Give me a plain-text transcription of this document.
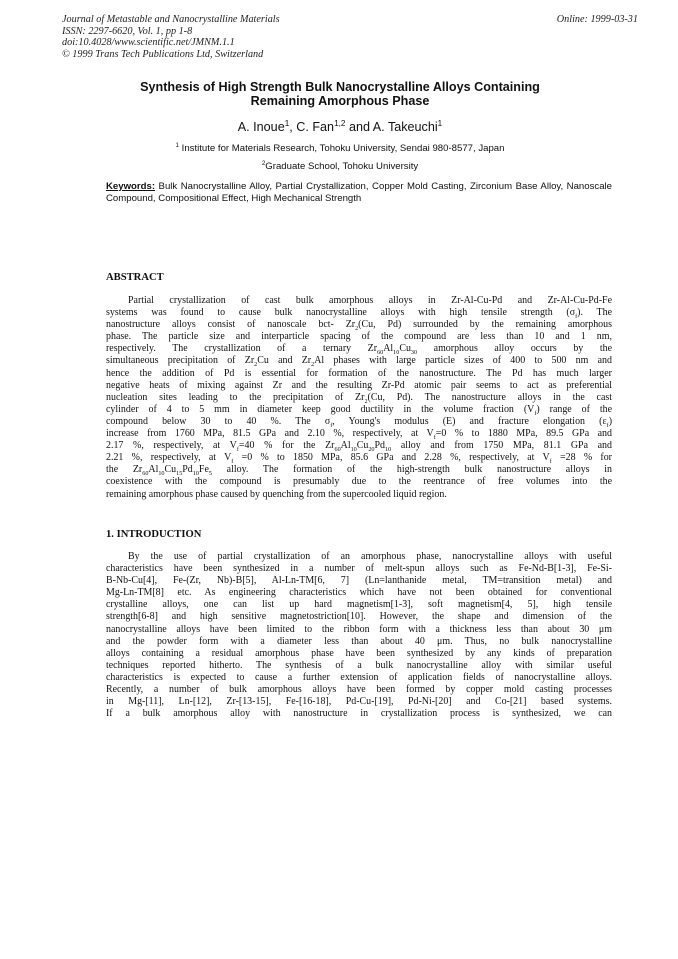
Journal of Metastable and Nanocrystalline Materials
ISSN: 2297-6620, Vol. 1, pp 1-8
doi:10.4028/www.scientific.net/JMNM.1.1
© 1999 Trans Tech Publications Ltd, Switzerland
Online: 1999-03-31
Synthesis of High Strength Bulk Nanocrystalline Alloys Containing
Remaining Amorphous Phase
A. Inoue$^1$, C. Fan$^{1,2}$ and A. Takeuchi$^1$
$^1$ Institute for Materials Research, Tohoku University, Sendai 980-8577, Japan
$^2$Graduate School, Tohoku University
Keywords: Bulk Nanocrystalline Alloy, Partial Crystallization, Copper Mold Casting, Zirconium Base Alloy, Nanoscale Compound, Compositional Effect, High Mechanical Strength
ABSTRACT
Partial crystallization of cast bulk amorphous alloys in Zr-Al-Cu-Pd and Zr-Al-Cu-Pd-Fe
systems was found to cause bulk nanocrystalline alloys with high tensile strength $(\sigma_f)$. The
nanostructure alloys consist of nanoscale bct- $Zr_2(Cu$, Pd) surrounded by the remaining amorphous
phase. The particle size and interparticle spacing of the compound are less than 10 and 1 nm,
respectively. The crystallization of a ternary $Zr_{60}Al_{10}Cu_{30}$ amorphous alloy occurs by the
simultaneous precipitation of $Zr_2Cu$ and $Zr_2Al$ phases with large particle sizes of 400 to 500 nm and
hence the addition of Pd is essential for formation of the nanostructure. The Pd has much larger
negative heats of mixing against Zr and the resulting Zr-Pd atomic pair seems to act as preferential
nucleation sites leading to the precipitation of $Zr_2(Cu$, Pd). The nanostructure alloys in the cast
cylinder of 4 to 5 mm in diameter keep good ductility in the volume fraction $(V_f)$ range of the
compound below 30 to 40 %. The $\sigma_f$, Young's modulus (E) and fracture elongation $(\varepsilon_f)$
increase from 1760 MPa, 81.5 GPa and 2.10 %, respectively, at $V_f=0$ % to 1880 MPa, 89.5 GPa and
2.17 %, respectively, at $V_f=40$ % for the $Zr_{60}Al_{10}Cu_{20}Pd_{10}$ alloy and from 1750 MPa, 81.1 GPa and
2.21 %, respectively, at $V_f =0$ % to 1850 MPa, 85.6 GPa and 2.28 %, respectively, at $V_f =28$ % for
the $Zr_{60}Al_{10}Cu_{15}Pd_{10}Fe_5$ alloy. The formation of the high-strength bulk nanostructure alloys in
coexistence with the compound is presumably due to the reentrance of free volumes into the
remaining amorphous phase caused by quenching from the supercooled liquid region.
1. INTRODUCTION
By the use of partial crystallization of an amorphous phase, nanocrystalline alloys with useful
characteristics have been synthesized in a number of melt-spun alloys such as Fe-Nd-B[1-3], Fe-Si-
B-Nb-Cu[4], Fe-(Zr, Nb)-B[5], Al-Ln-TM[6, 7] (Ln=lanthanide metal, TM=transition metal) and
Mg-Ln-TM[8] etc. As engineering characteristics which have not been obtained for conventional
crystalline alloys, one can list up hard magnetism[1-3], soft magnetism[4, 5], high tensile
strength[6-8] and high sensitive magnetostriction[10]. However, the shape and dimension of the
nanocrystalline alloys have been limited to the ribbon form with a thickness less than about 30 μm
and the powder form with a diameter less than about 40 μm. Thus, no bulk nanocrystalline
alloys containing a residual amorphous phase have been synthesized by any kinds of preparation
techniques reported hitherto. The synthesis of a bulk nanocrystalline alloy with similar useful
characteristics is expected to cause a further extension of application fields of nanocrystalline alloys.
Recently, a number of bulk amorphous alloys have been formed by copper mold casting processes
in Mg-[11], Ln-[12], Zr-[13-15], Fe-[16-18], Pd-Cu-[19], Pd-Ni-[20] and Co-[21] based systems.
If a bulk amorphous alloy with nanostructure in crystallization process is synthesized, we can
